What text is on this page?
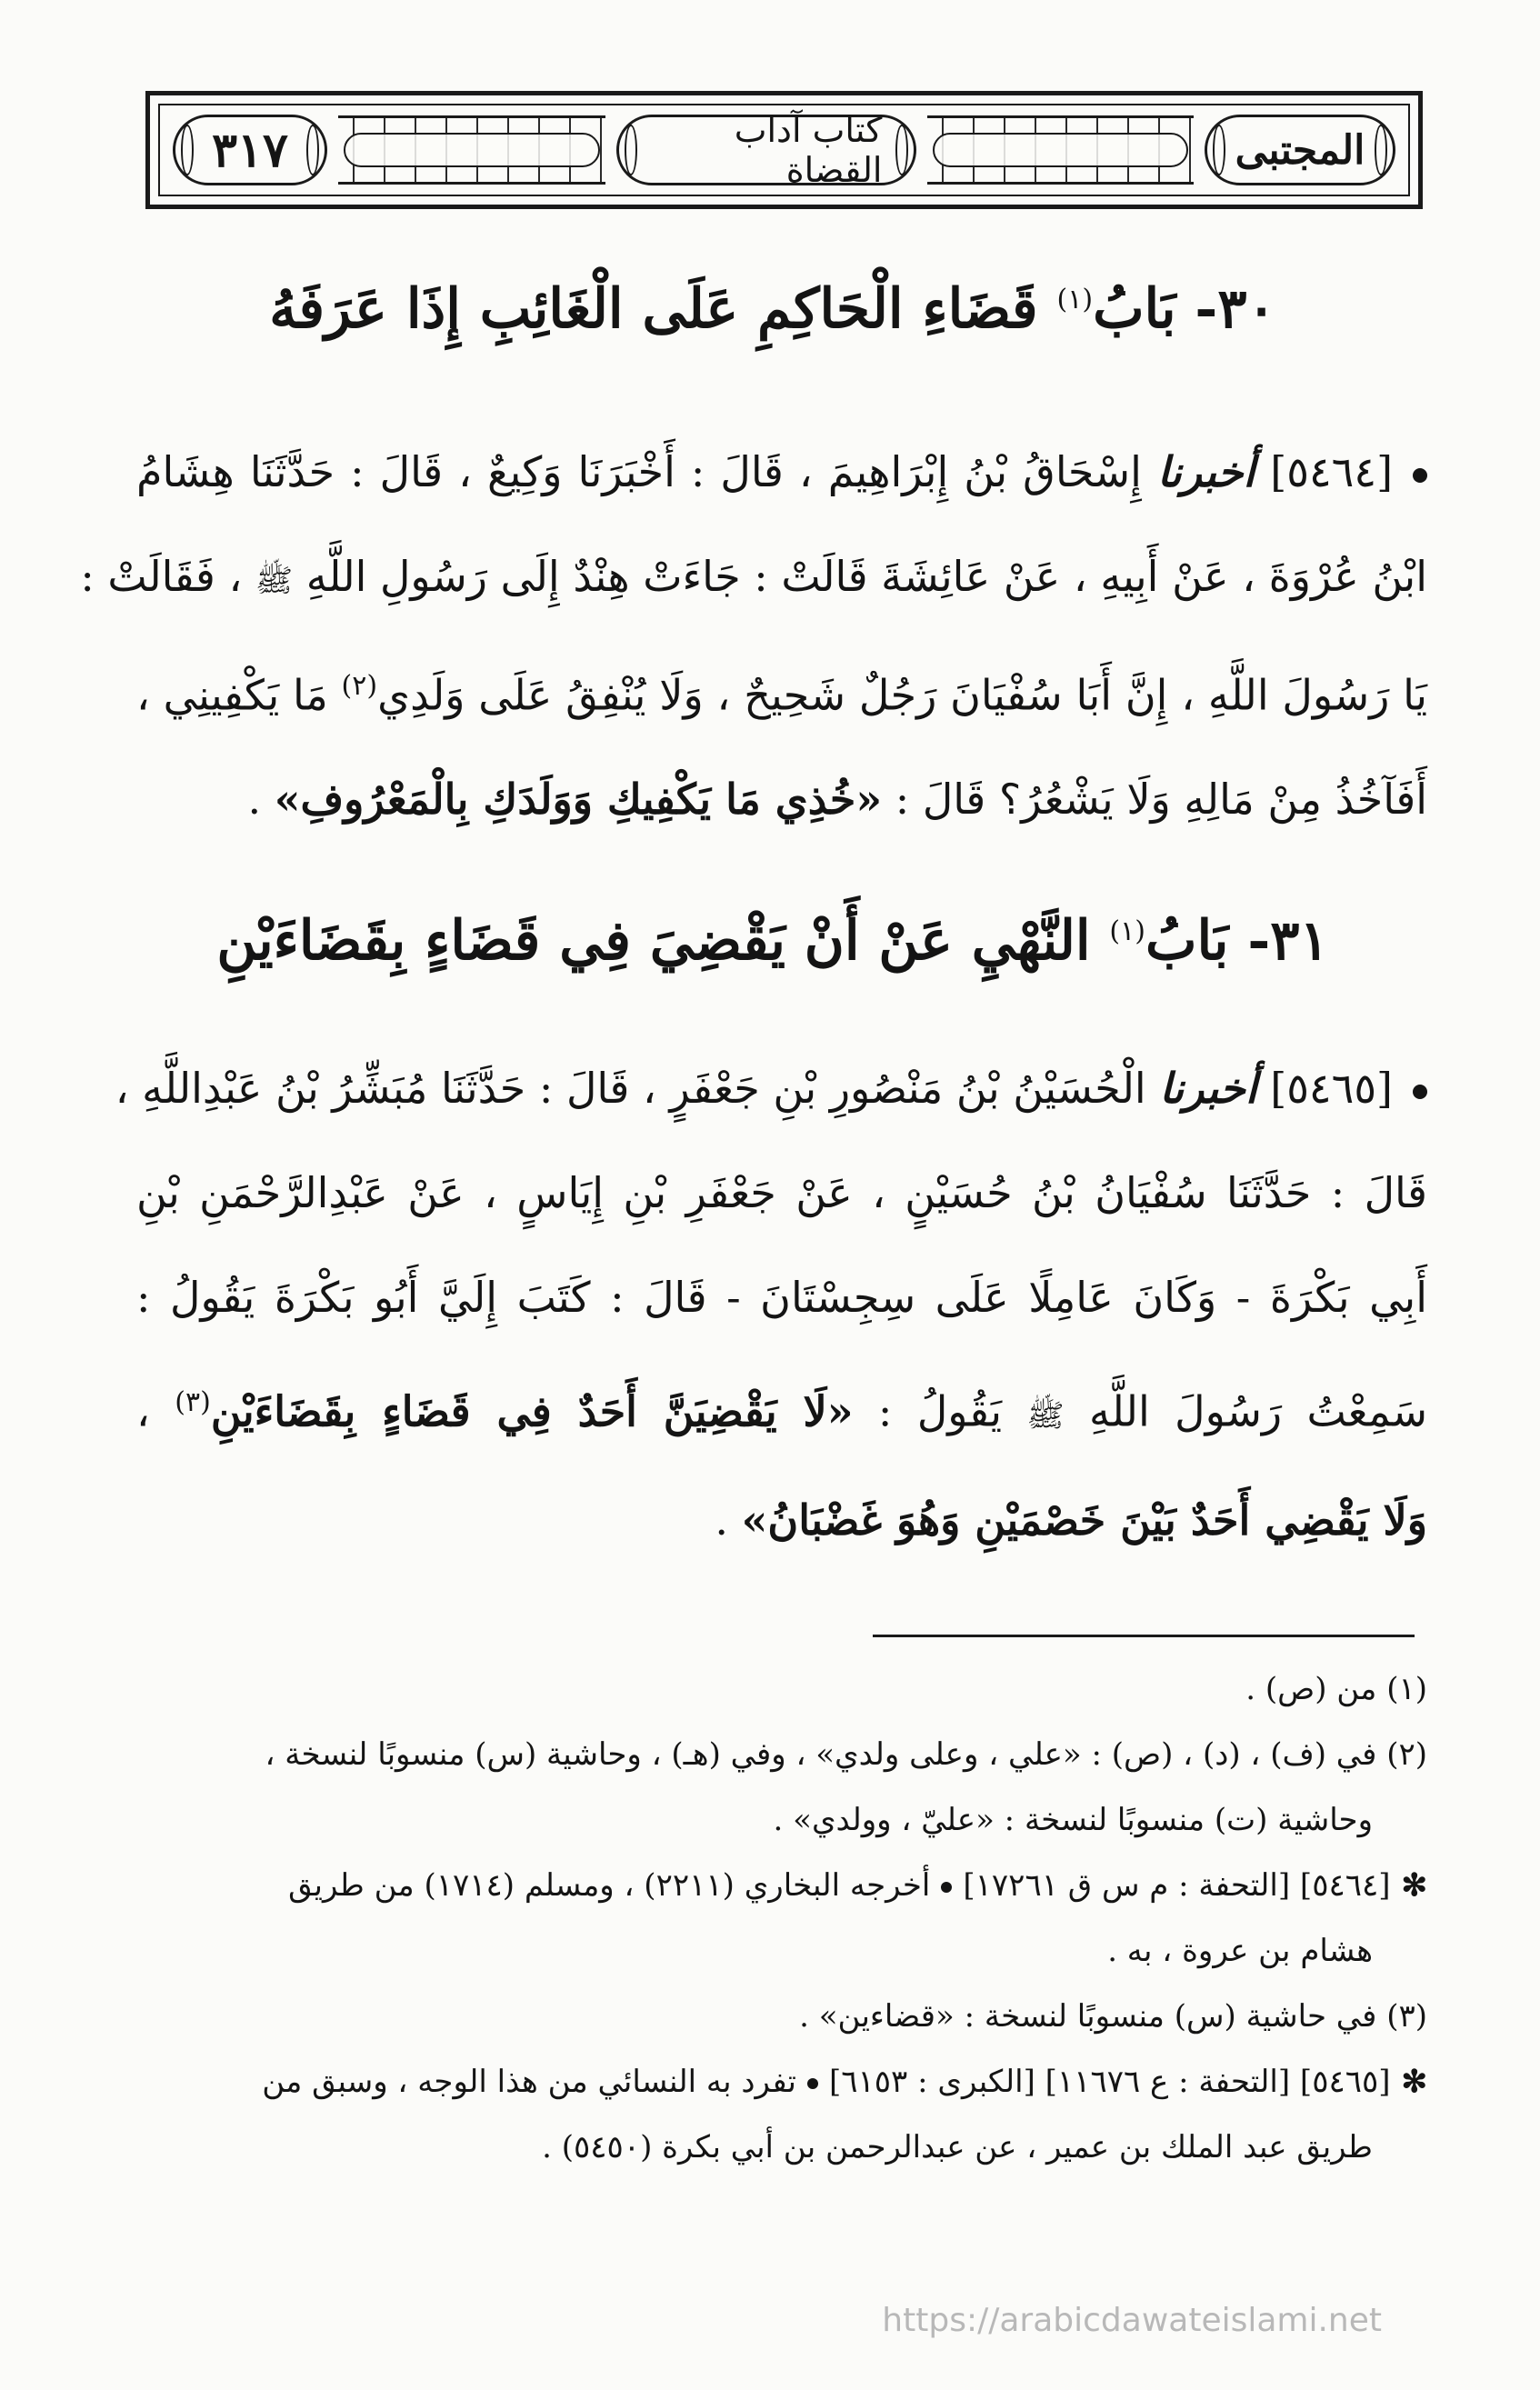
المجتبى
كتاب آداب القضاة
٣١٧
٣٠- بَابُ$^{(١)}$ قَضَاءِ الْحَاكِمِ عَلَى الْغَائِبِ إِذَا عَرَفَهُ
[٥٤٦٤] أخبرنا إِسْحَاقُ بْنُ إِبْرَاهِيمَ ، قَالَ : أَخْبَرَنَا وَكِيعٌ ، قَالَ : حَدَّثَنَا هِشَامُ
ابْنُ عُرْوَةَ ، عَنْ أَبِيهِ ، عَنْ عَائِشَةَ قَالَتْ : جَاءَتْ هِنْدٌ إِلَى رَسُولِ اللَّهِ ﷺ ، فَقَالَتْ :
يَا رَسُولَ اللَّهِ ، إِنَّ أَبَا سُفْيَانَ رَجُلٌ شَحِيحٌ ، وَلَا يُنْفِقُ عَلَى وَلَدِي$^{(٢)}$ مَا يَكْفِينِي ،
أَفَآخُذُ مِنْ مَالِهِ وَلَا يَشْعُرُ؟ قَالَ : «خُذِي مَا يَكْفِيكِ وَوَلَدَكِ بِالْمَعْرُوفِ» .
٣١- بَابُ$^{(١)}$ النَّهْيِ عَنْ أَنْ يَقْضِيَ فِي قَضَاءٍ بِقَضَاءَيْنِ
[٥٤٦٥] أخبرنا الْحُسَيْنُ بْنُ مَنْصُورِ بْنِ جَعْفَرٍ ، قَالَ : حَدَّثَنَا مُبَشِّرُ بْنُ عَبْدِاللَّهِ ،
قَالَ : حَدَّثَنَا سُفْيَانُ بْنُ حُسَيْنٍ ، عَنْ جَعْفَرِ بْنِ إِيَاسٍ ، عَنْ عَبْدِالرَّحْمَنِ بْنِ
أَبِي بَكْرَةَ - وَكَانَ عَامِلًا عَلَى سِجِسْتَانَ - قَالَ : كَتَبَ إِلَيَّ أَبُو بَكْرَةَ يَقُولُ :
سَمِعْتُ رَسُولَ اللَّهِ ﷺ يَقُولُ : «لَا يَقْضِيَنَّ أَحَدٌ فِي قَضَاءٍ بِقَضَاءَيْنِ$^{(٣)}$ ،
وَلَا يَقْضِي أَحَدٌ بَيْنَ خَصْمَيْنِ وَهُوَ غَضْبَانُ» .
(١) من (ص) .
(٢) في (ف) ، (د) ، (ص) : «علي ، وعلى ولدي» ، وفي (هـ) ، وحاشية (س) منسوبًا لنسخة ،
وحاشية (ت) منسوبًا لنسخة : «عليّ ، وولدي» .
✻[٥٤٦٤] [التحفة : م س ق ١٧٢٦١]أخرجه البخاري (٢٢١١) ، ومسلم (١٧١٤) من طريق
هشام بن عروة ، به .
(٣) في حاشية (س) منسوبًا لنسخة : «قضاءين» .
✻[٥٤٦٥] [التحفة : ع ١١٦٧٦] [الكبرى : ٦١٥٣]تفرد به النسائي من هذا الوجه ، وسبق من
طريق عبد الملك بن عمير ، عن عبدالرحمن بن أبي بكرة (٥٤٥٠) .
https://arabicdawateislami.net
